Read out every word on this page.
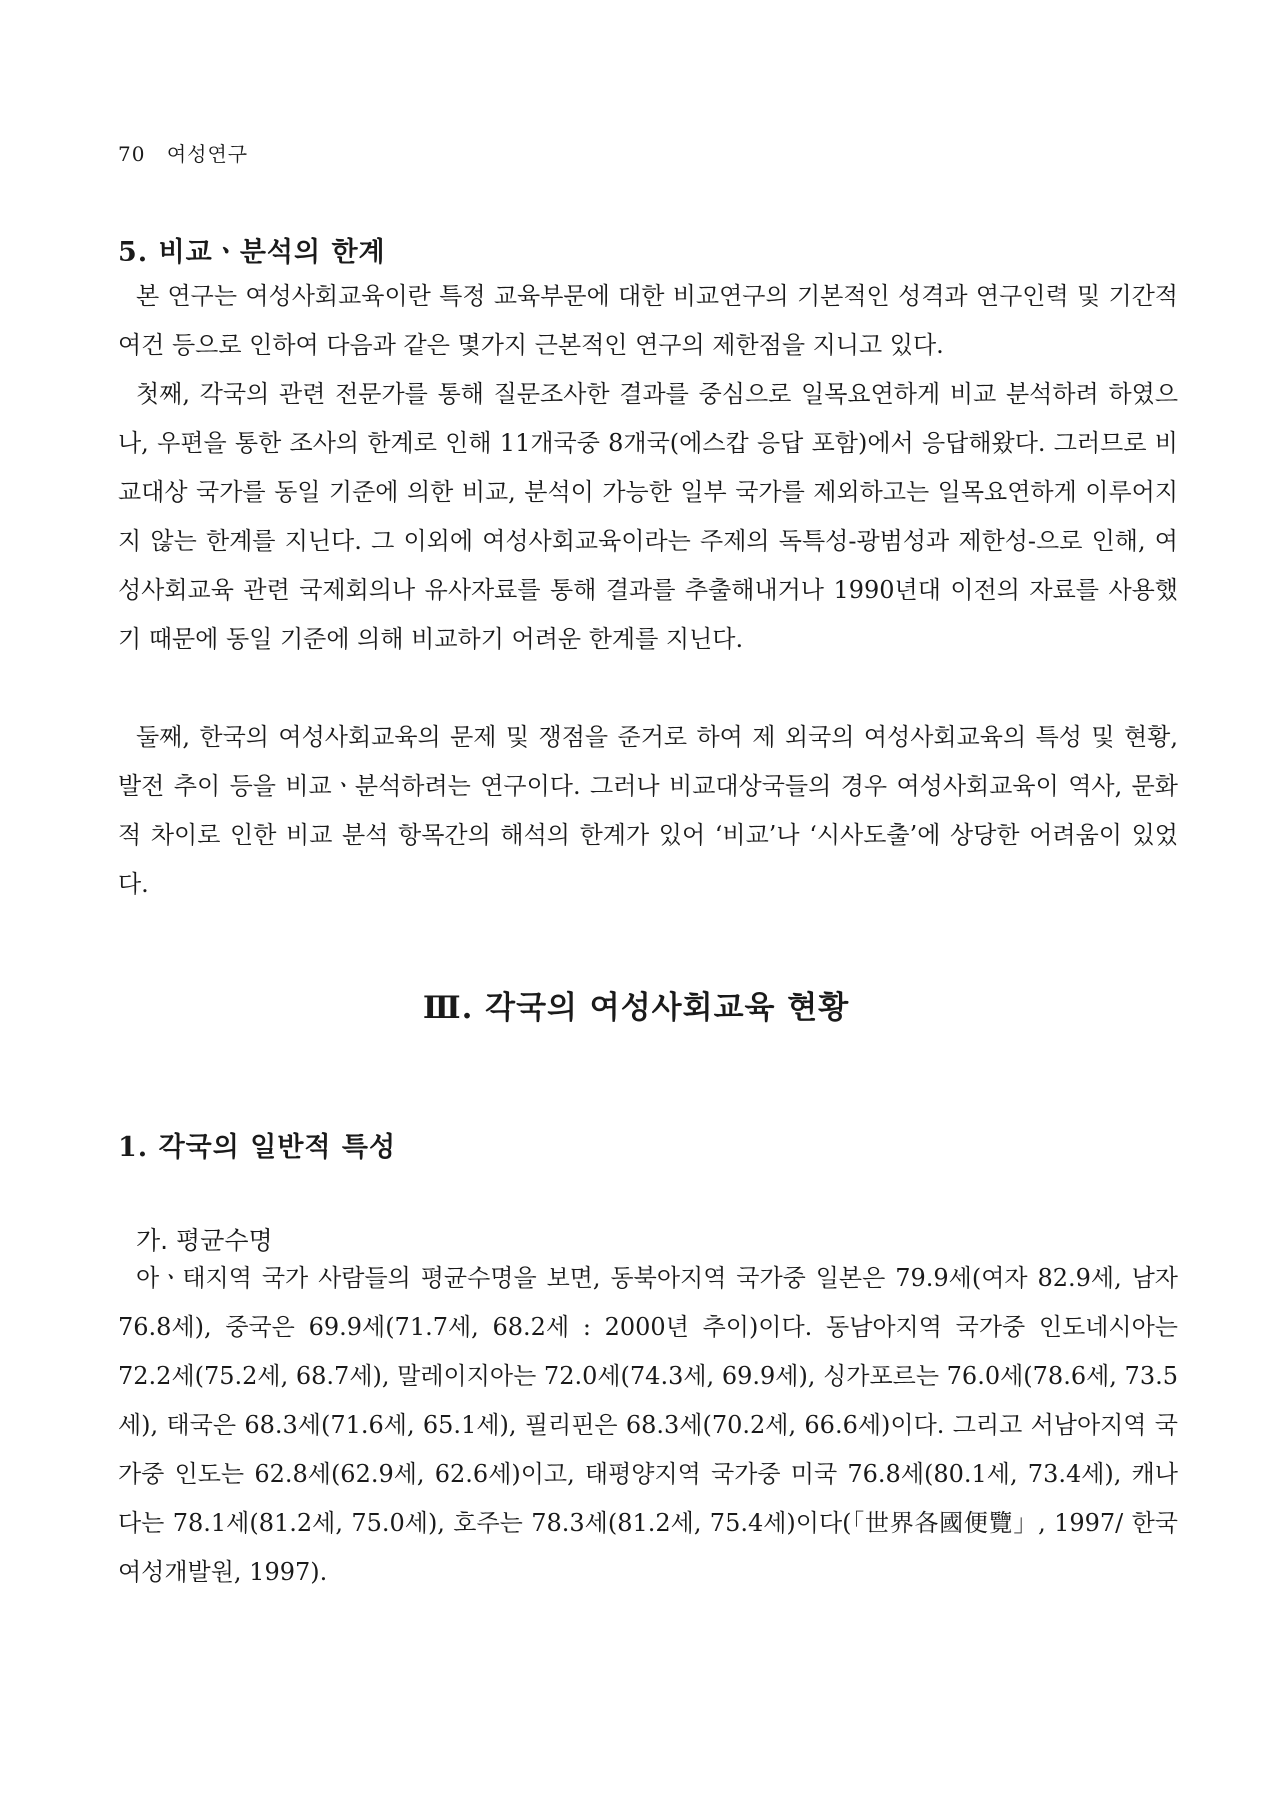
70 여성연구
5. 비교ㆍ분석의 한계

본 연구는 여성사회교육이란 특정 교육부문에 대한 비교연구의 기본적인 성격과 연구인력 및 기간적 여건 등으로 인하여 다음과 같은 몇가지 근본적인 연구의 제한점을 지니고 있다.

첫째, 각국의 관련 전문가를 통해 질문조사한 결과를 중심으로 일목요연하게 비교 분석하려 하였으나, 우편을 통한 조사의 한계로 인해 11개국중 8개국(에스캅 응답 포함)에서 응답해왔다. 그러므로 비교대상 국가를 동일 기준에 의한 비교, 분석이 가능한 일부 국가를 제외하고는 일목요연하게 이루어지지 않는 한계를 지닌다. 그 이외에 여성사회교육이라는 주제의 독특성-광범성과 제한성-으로 인해, 여성사회교육 관련 국제회의나 유사자료를 통해 결과를 추출해내거나 1990년대 이전의 자료를 사용했기 때문에 동일 기준에 의해 비교하기 어려운 한계를 지닌다.

둘째, 한국의 여성사회교육의 문제 및 쟁점을 준거로 하여 제 외국의 여성사회교육의 특성 및 현황, 발전 추이 등을 비교ㆍ분석하려는 연구이다. 그러나 비교대상국들의 경우 여성사회교육이 역사, 문화적 차이로 인한 비교 분석 항목간의 해석의 한계가 있어 ‘비교’나 ‘시사도출’에 상당한 어려움이 있었다.

Ⅲ. 각국의 여성사회교육 현황
1. 각국의 일반적 특성
가. 평균수명

아ㆍ태지역 국가 사람들의 평균수명을 보면, 동북아지역 국가중 일본은 79.9세(여자 82.9세, 남자 76.8세), 중국은 69.9세(71.7세, 68.2세 : 2000년 추이)이다. 동남아지역 국가중 인도네시아는 72.2세(75.2세, 68.7세), 말레이지아는 72.0세(74.3세, 69.9세), 싱가포르는 76.0세(78.6세, 73.5세), 태국은 68.3세(71.6세, 65.1세), 필리핀은 68.3세(70.2세, 66.6세)이다. 그리고 서남아지역 국가중 인도는 62.8세(62.9세, 62.6세)이고, 태평양지역 국가중 미국 76.8세(80.1세, 73.4세), 캐나다는 78.1세(81.2세, 75.0세), 호주는 78.3세(81.2세, 75.4세)이다(「世界各國便覽」, 1997/ 한국여성개발원, 1997).
